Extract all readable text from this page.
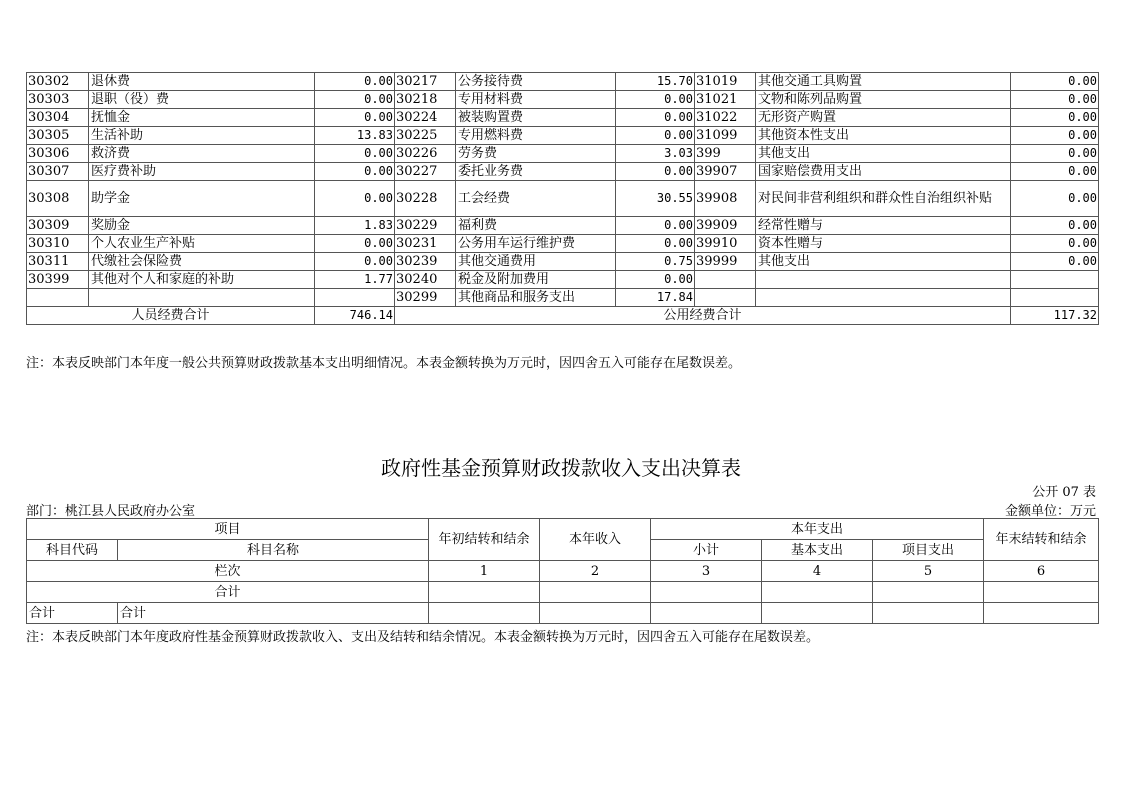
30302	退休费	0.00	30217	公务接待费	15.70	31019	其他交通工具购置	0.00
30303	退职（役）费	0.00	30218	专用材料费	0.00	31021	文物和陈列品购置	0.00
30304	抚恤金	0.00	30224	被装购置费	0.00	31022	无形资产购置	0.00
30305	生活补助	13.83	30225	专用燃料费	0.00	31099	其他资本性支出	0.00
30306	救济费	0.00	30226	劳务费	3.03	399	其他支出	0.00
30307	医疗费补助	0.00	30227	委托业务费	0.00	39907	国家赔偿费用支出	0.00
30308	助学金	0.00	30228	工会经费	30.55	39908	对民间非营利组织和群众性自治组织补贴	0.00
30309	奖励金	1.83	30229	福利费	0.00	39909	经常性赠与	0.00
30310	个人农业生产补贴	0.00	30231	公务用车运行维护费	0.00	39910	资本性赠与	0.00
30311	代缴社会保险费	0.00	30239	其他交通费用	0.75	39999	其他支出	0.00
30399	其他对个人和家庭的补助	1.77	30240	税金及附加费用	0.00			
			30299	其他商品和服务支出	17.84			
人员经费合计		746.14	公用经费合计					117.32
注：本表反映部门本年度一般公共预算财政拨款基本支出明细情况。本表金额转换为万元时，因四舍五入可能存在尾数误差。
政府性基金预算财政拨款收入支出决算表
公开 07 表
部门：桃江县人民政府办公室	金额单位：万元
项目		年初结转和结余	本年收入	本年支出			年末结转和结余
科目代码	科目名称			小计	基本支出	项目支出	
栏次		1	2	3	4	5	6
合计							
合计	合计						
注：本表反映部门本年度政府性基金预算财政拨款收入、支出及结转和结余情况。本表金额转换为万元时，因四舍五入可能存在尾数误差。
